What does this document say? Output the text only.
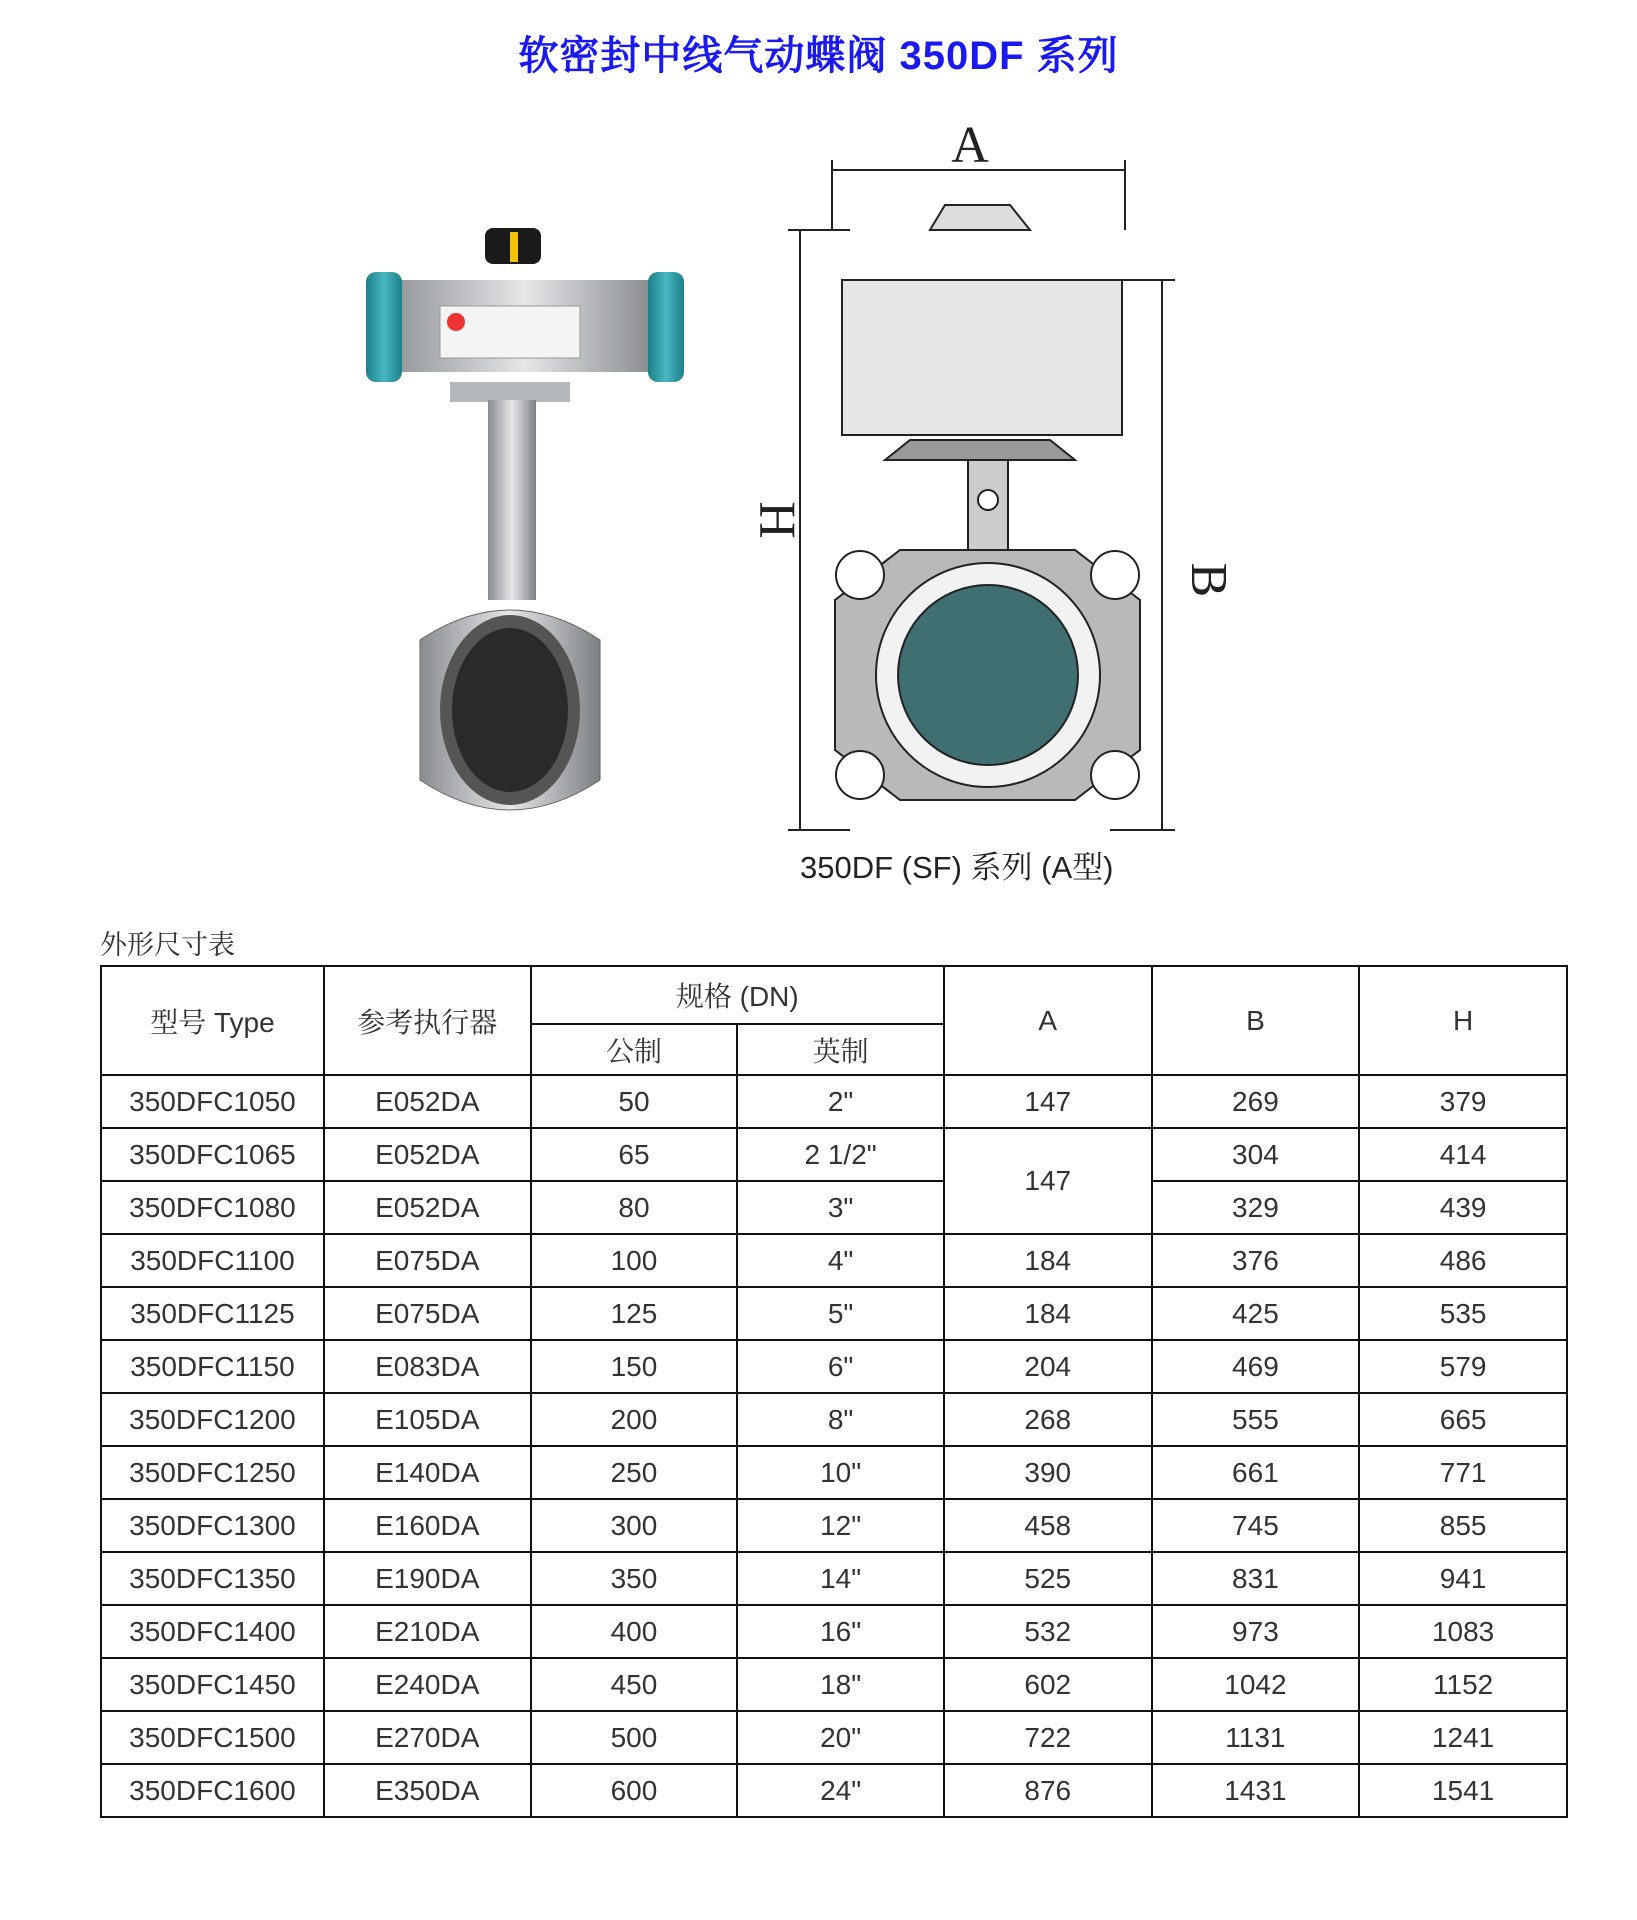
软密封中线气动蝶阀 350DF 系列
A
H
B
350DF (SF) 系列 (A型)
外形尺寸表
型号 Type	参考执行器	规格 (DN)		A	B	H
		公制	英制			
350DFC1050	E052DA	50	2"	147	269	379
350DFC1065	E052DA	65	2 1/2"	147	304	414
350DFC1080	E052DA	80	3"		329	439
350DFC1100	E075DA	100	4"	184	376	486
350DFC1125	E075DA	125	5"	184	425	535
350DFC1150	E083DA	150	6"	204	469	579
350DFC1200	E105DA	200	8"	268	555	665
350DFC1250	E140DA	250	10"	390	661	771
350DFC1300	E160DA	300	12"	458	745	855
350DFC1350	E190DA	350	14"	525	831	941
350DFC1400	E210DA	400	16"	532	973	1083
350DFC1450	E240DA	450	18"	602	1042	1152
350DFC1500	E270DA	500	20"	722	1131	1241
350DFC1600	E350DA	600	24"	876	1431	1541
